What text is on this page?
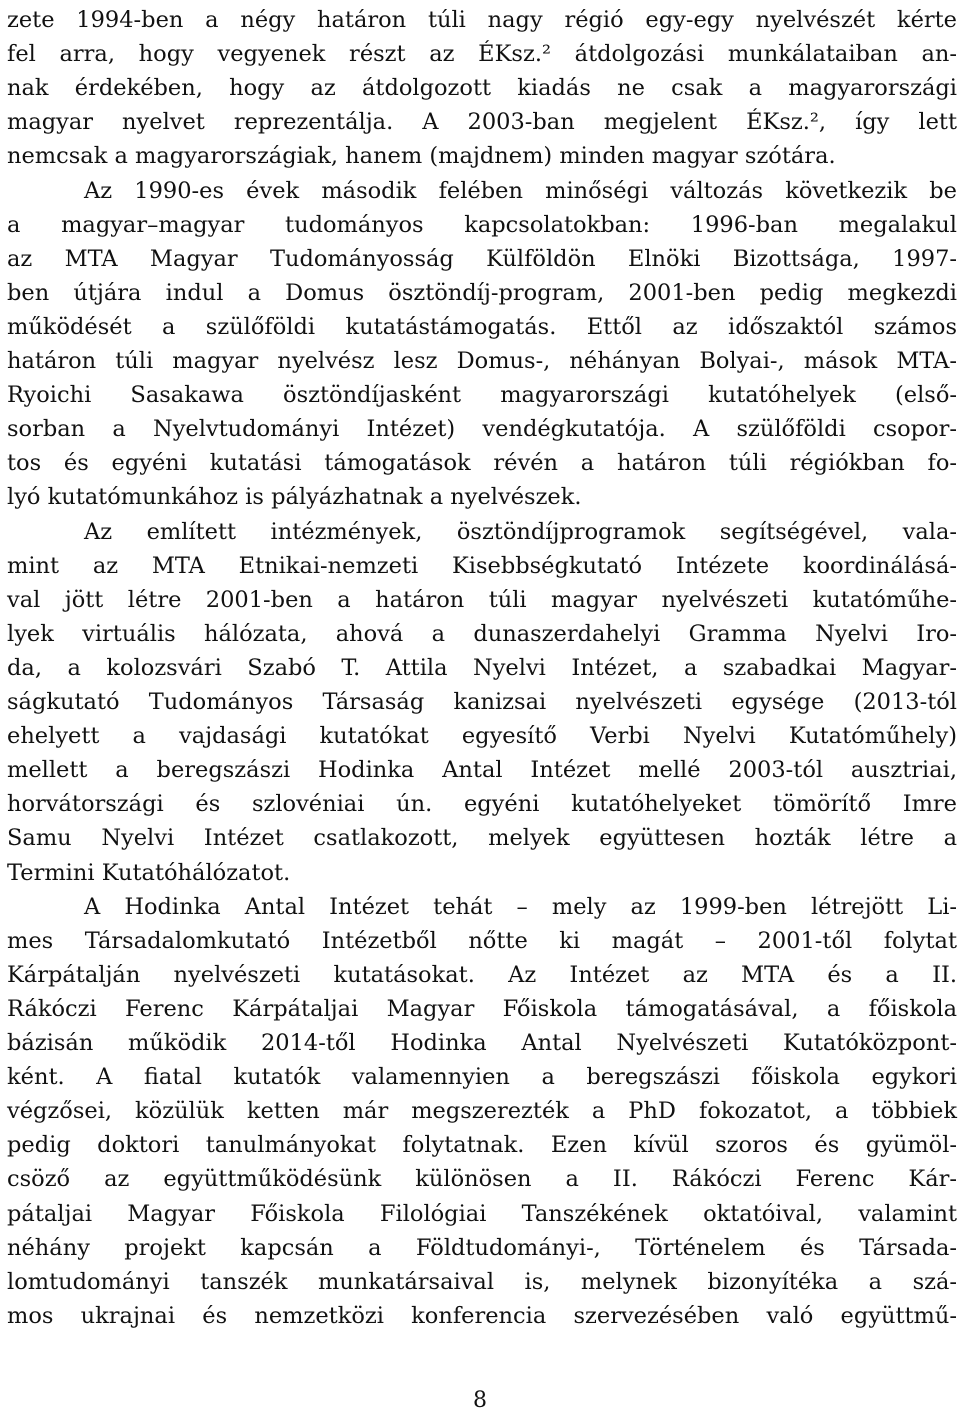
zete 1994-ben a négy határon túli nagy régió egy-egy nyelvészét kérte
fel arra, hogy vegyenek részt az ÉKsz.² átdolgozási munkálataiban an-
nak érdekében, hogy az átdolgozott kiadás ne csak a magyarországi
magyar nyelvet reprezentálja. A 2003-ban megjelent ÉKsz.², így lett
nemcsak a magyarországiak, hanem (majdnem) minden magyar szótára.
Az 1990-es évek második felében minőségi változás következik be
a magyar–magyar tudományos kapcsolatokban: 1996-ban megalakul
az MTA Magyar Tudományosság Külföldön Elnöki Bizottsága, 1997-
ben útjára indul a Domus ösztöndíj-program, 2001-ben pedig megkezdi
működését a szülőföldi kutatástámogatás. Ettől az időszaktól számos
határon túli magyar nyelvész lesz Domus-, néhányan Bolyai-, mások MTA-
Ryoichi Sasakawa ösztöndíjasként magyarországi kutatóhelyek (első-
sorban a Nyelvtudományi Intézet) vendégkutatója. A szülőföldi csopor-
tos és egyéni kutatási támogatások révén a határon túli régiókban fo-
lyó kutatómunkához is pályázhatnak a nyelvészek.
Az említett intézmények, ösztöndíjprogramok segítségével, vala-
mint az MTA Etnikai-nemzeti Kisebbségkutató Intézete koordinálásá-
val jött létre 2001-ben a határon túli magyar nyelvészeti kutatóműhe-
lyek virtuális hálózata, ahová a dunaszerdahelyi Gramma Nyelvi Iro-
da, a kolozsvári Szabó T. Attila Nyelvi Intézet, a szabadkai Magyar-
ságkutató Tudományos Társaság kanizsai nyelvészeti egysége (2013-tól
ehelyett a vajdasági kutatókat egyesítő Verbi Nyelvi Kutatóműhely)
mellett a beregszászi Hodinka Antal Intézet mellé 2003-tól ausztriai,
horvátországi és szlovéniai ún. egyéni kutatóhelyeket tömörítő Imre
Samu Nyelvi Intézet csatlakozott, melyek együttesen hozták létre a
Termini Kutatóhálózatot.
A Hodinka Antal Intézet tehát – mely az 1999-ben létrejött Li-
mes Társadalomkutató Intézetből nőtte ki magát – 2001-től folytat
Kárpátalján nyelvészeti kutatásokat. Az Intézet az MTA és a II.
Rákóczi Ferenc Kárpátaljai Magyar Főiskola támogatásával, a főiskola
bázisán működik 2014-től Hodinka Antal Nyelvészeti Kutatóközpont-
ként. A fiatal kutatók valamennyien a beregszászi főiskola egykori
végzősei, közülük ketten már megszerezték a PhD fokozatot, a többiek
pedig doktori tanulmányokat folytatnak. Ezen kívül szoros és gyümöl-
csöző az együttműködésünk különösen a II. Rákóczi Ferenc Kár-
pátaljai Magyar Főiskola Filológiai Tanszékének oktatóival, valamint
néhány projekt kapcsán a Földtudományi-, Történelem és Társada-
lomtudományi tanszék munkatársaival is, melynek bizonyítéka a szá-
mos ukrajnai és nemzetközi konferencia szervezésében való együttmű-
8
